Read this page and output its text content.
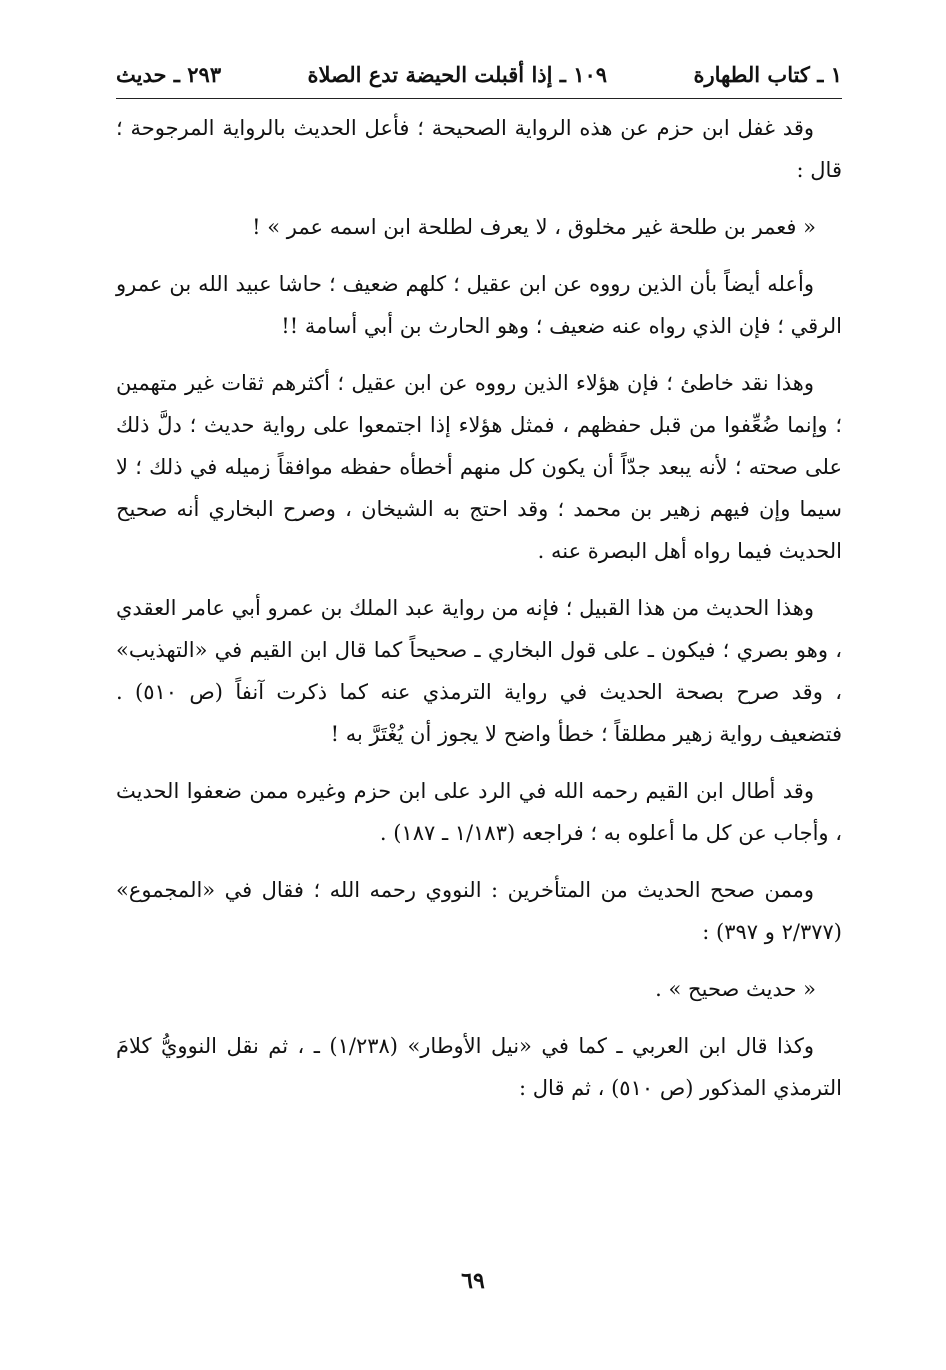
١ ـ كتاب الطهارة
١٠٩ ـ إذا أقبلت الحيضة تدع الصلاة
٢٩٣ ـ حديث

وقد غفل ابن حزم عن هذه الرواية الصحيحة ؛ فأعل الحديث بالرواية المرجوحة ؛ قال :

« فعمر بن طلحة غير مخلوق ، لا يعرف لطلحة ابن اسمه عمر » !

وأعله أيضاً بأن الذين رووه عن ابن عقيل ؛ كلهم ضعيف ؛ حاشا عبيد الله بن عمرو الرقي ؛ فإن الذي رواه عنه ضعيف ؛ وهو الحارث بن أبي أسامة !!

وهذا نقد خاطئ ؛ فإن هؤلاء الذين رووه عن ابن عقيل ؛ أكثرهم ثقات غير متهمين ؛ وإنما ضُعِّفوا من قبل حفظهم ، فمثل هؤلاء إذا اجتمعوا على رواية حديث ؛ دلَّ ذلك على صحته ؛ لأنه يبعد جدّاً أن يكون كل منهم أخطأه حفظه موافقاً زميله في ذلك ؛ لا سيما وإن فيهم زهير بن محمد ؛ وقد احتج به الشيخان ، وصرح البخاري أنه صحيح الحديث فيما رواه أهل البصرة عنه .

وهذا الحديث من هذا القبيل ؛ فإنه من رواية عبد الملك بن عمرو أبي عامر العقدي ، وهو بصري ؛ فيكون ـ على قول البخاري ـ صحيحاً كما قال ابن القيم في «التهذيب» ، وقد صرح بصحة الحديث في رواية الترمذي عنه كما ذكرت آنفاً (ص ٥١٠) . فتضعيف رواية زهير مطلقاً ؛ خطأ واضح لا يجوز أن يُغْتَرَّ به !

وقد أطال ابن القيم رحمه الله في الرد على ابن حزم وغيره ممن ضعفوا الحديث ، وأجاب عن كل ما أعلوه به ؛ فراجعه (١/١٨٣ ـ ١٨٧) .

وممن صحح الحديث من المتأخرين : النووي رحمه الله ؛ فقال في «المجموع» (٢/٣٧٧ و ٣٩٧) :

« حديث صحيح » .

وكذا قال ابن العربي ـ كما في «نيل الأوطار» (١/٢٣٨) ـ ، ثم نقل النوويُّ كلامَ الترمذي المذكور (ص ٥١٠) ، ثم قال :

٦٩
